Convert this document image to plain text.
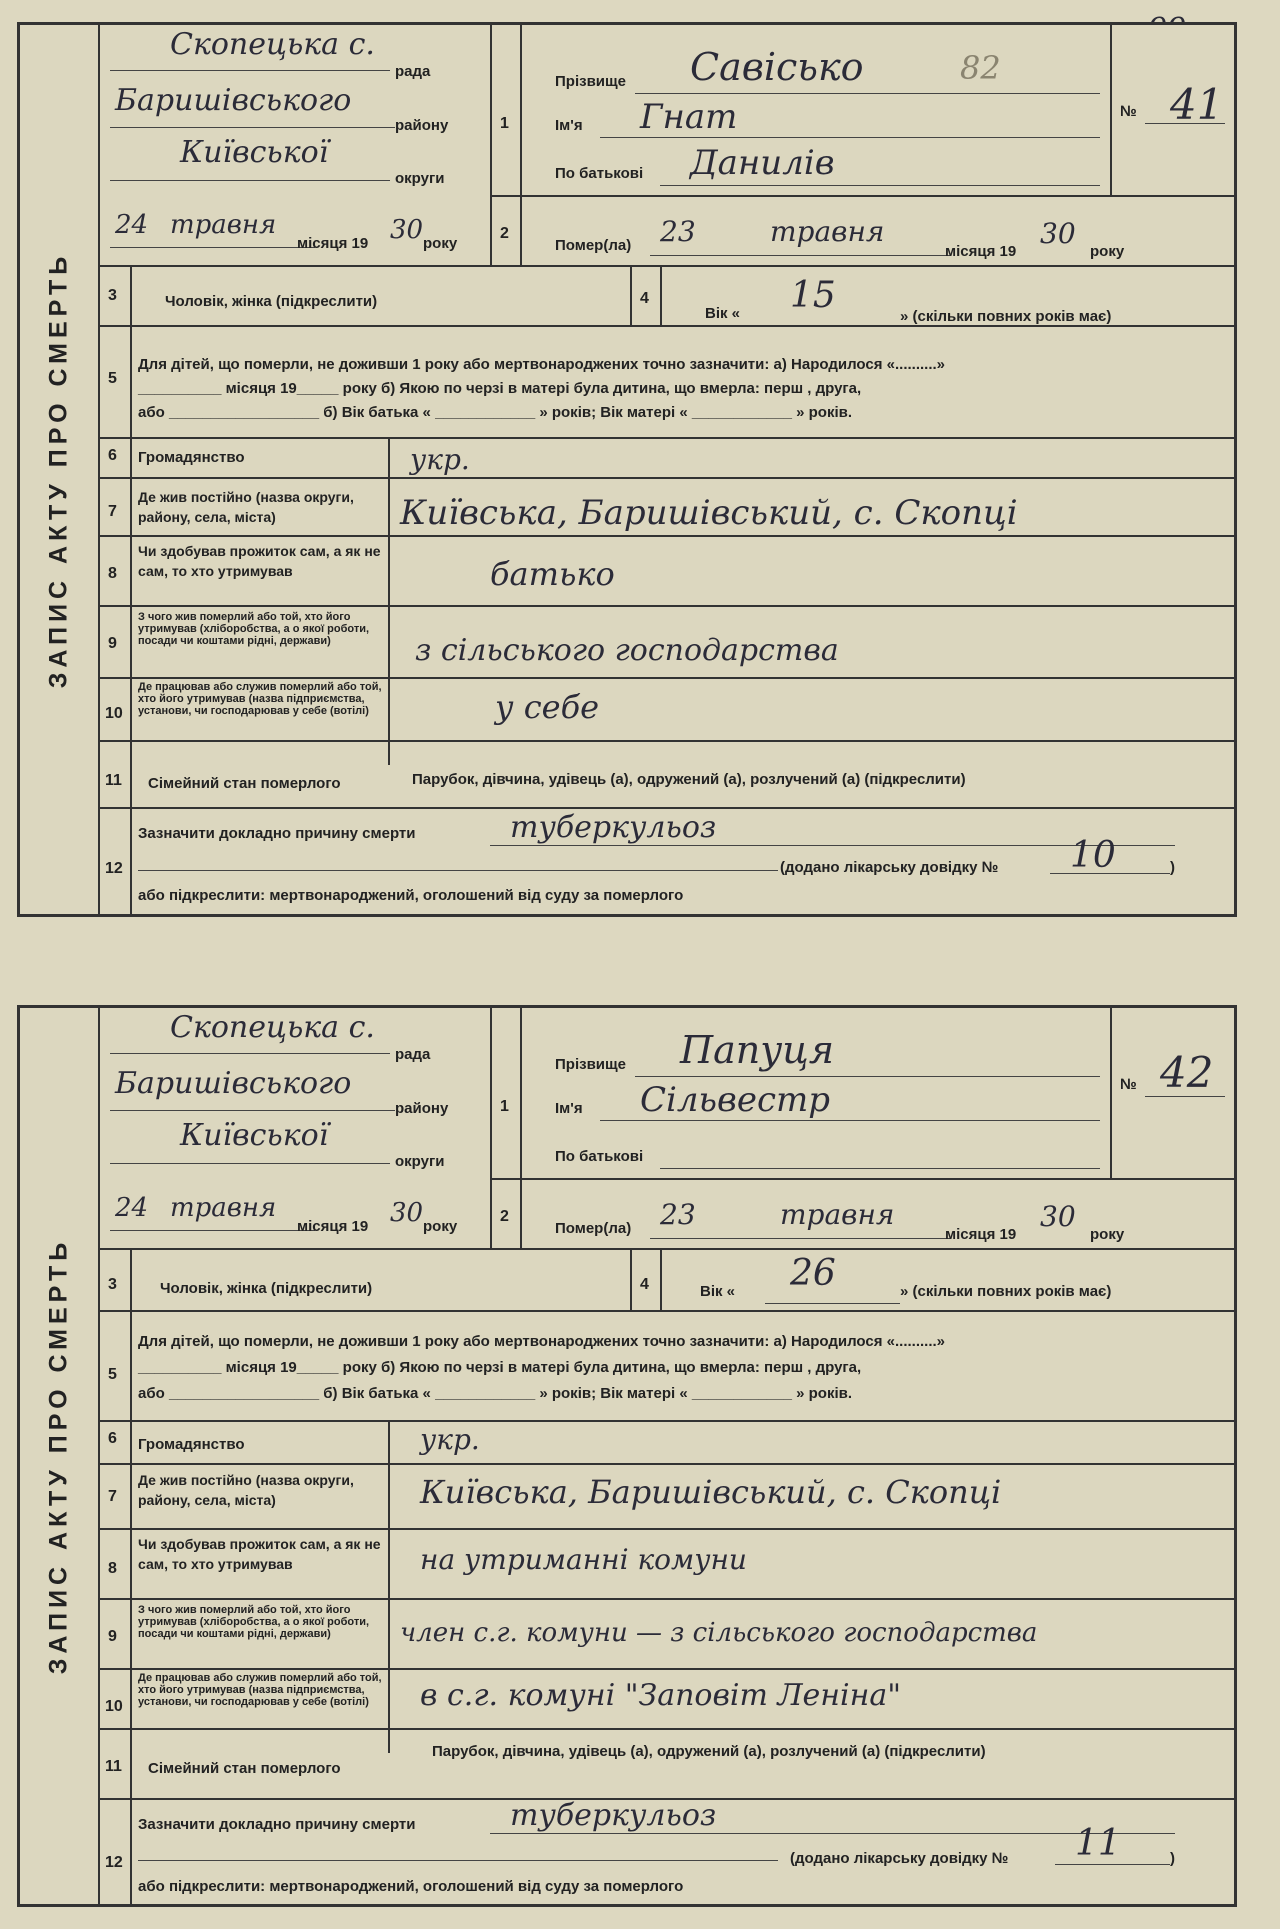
ЗАПИС АКТУ ПРО СМЕРТЬ
1
2
Скопецька с.
рада
Баришівського
району
Київської
округи
24 травня
місяця 19 30 року
Прізвище Савісько	82
Ім'я Гнат
По батькові Данилів
№ 41
Помер(ла) 23	травня
місяця 19
30
року
3	Чоловік, жінка (підкреслити)	4
Вік « 15
» (скільки повних років має)
5
Для дітей, що померли, не доживши 1 року або мертвонароджених точно зазначити: а) Народилося «..........»
__________ місяця 19_____ року б) Якою по черзі в матері була дитина, що вмерла: перш , друга,
або __________________ б) Вік батька « ____________ » років; Вік матері « ____________ » років.
6 Громадянство	укр.
7
Де жив постійно (назва округи, району, села, міста)	Київська, Баришівський, с. Скопці
8
Чи здобував прожиток сам, а як не сам, то хто утримував	батько
9
З чого жив померлий або той, хто його утримував (хліборобства, а о якої роботи, посади чи коштами рідні, держави)	з сільського господарства
10
Де працював або служив померлий або той, хто його утримував (назва підприємства, установи, чи господарював у себе (вотілі)	у себе
11 Сімейний стан померлого	Парубок, дівчина, удівець (а), одружений (а), розлучений (а) (підкреслити)
12
Зазначити докладно причину смерти	туберкульоз
(додано лікарську довідку № 10	)
або підкреслити: мертвонароджений, оголошений від суду за померлого
ЗАПИС АКТУ ПРО СМЕРТЬ
1
2
Скопецька с.
рада
Баришівського
району
Київської
округи
24 травня
місяця 19 30 року
Прізвище Папуця
Ім'я Сільвестр
По батькові
№ 42
Помер(ла) 23	травня
місяця 19
30
року
3	Чоловік, жінка (підкреслити)	4	Вік « 26	» (скільки повних років має)
5
Для дітей, що померли, не доживши 1 року або мертвонароджених точно зазначити: а) Народилося «..........»
__________ місяця 19_____ року б) Якою по черзі в матері була дитина, що вмерла: перш , друга,
або __________________ б) Вік батька « ____________ » років; Вік матері « ____________ » років.
6 Громадянство	укр.
7
Де жив постійно (назва округи, району, села, міста)	Київська, Баришівський, с. Скопці
8
Чи здобував прожиток сам, а як не сам, то хто утримував	на утриманні комуни
9
З чого жив померлий або той, хто його утримував (хліборобства, а о якої роботи, посади чи коштами рідні, держави)	член с.г. комуни — з сільського господарства
10
Де працював або служив померлий або той, хто його утримував (назва підприємства, установи, чи господарював у себе (вотілі)	в с.г. комуні "Заповіт Леніна"
11 Сімейний стан померлого
Парубок, дівчина, удівець (а), одружений (а), розлучений (а) (підкреслити)
12
Зазначити докладно причину смерти	туберкульоз
(додано лікарську довідку № 11	)
або підкреслити: мертвонароджений, оголошений від суду за померлого
